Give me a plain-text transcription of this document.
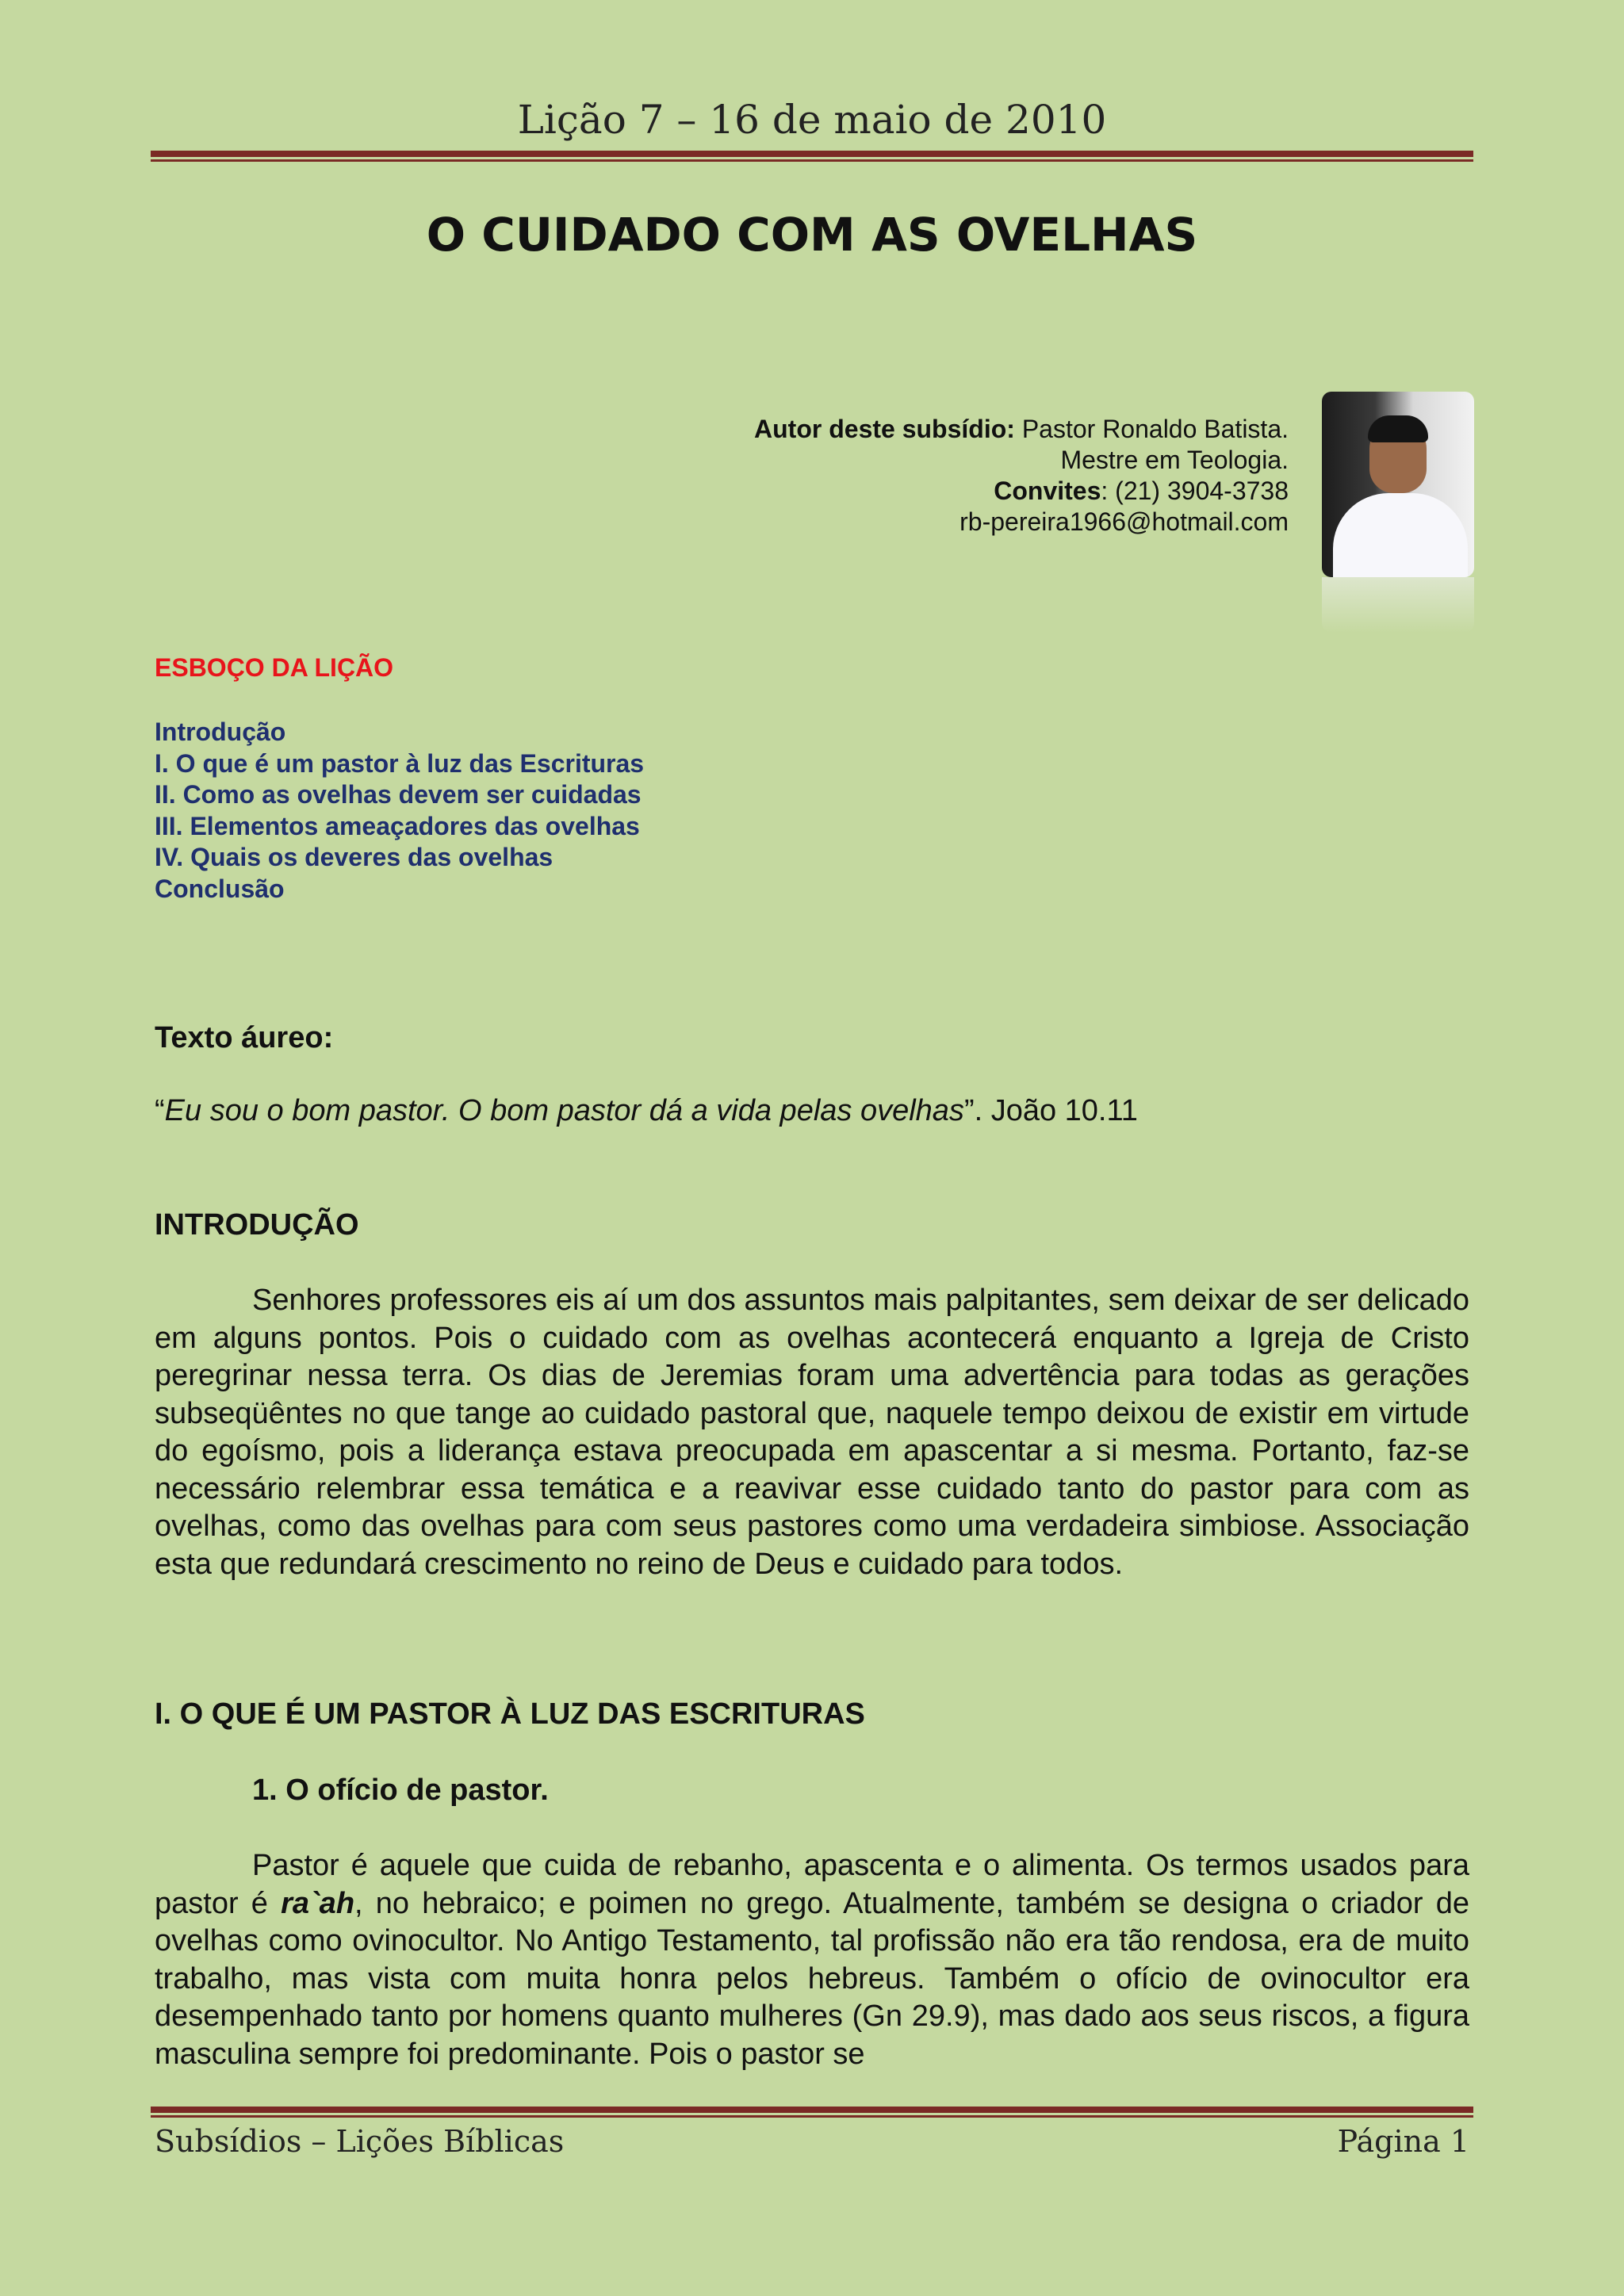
Lição 7 – 16 de maio de 2010
O CUIDADO COM AS OVELHAS
Autor deste subsídio: Pastor Ronaldo Batista.
Mestre em Teologia.
Convites: (21) 3904-3738
rb-pereira1966@hotmail.com
ESBOÇO DA LIÇÃO
Introdução
I. O que é um pastor à luz das Escrituras
II. Como as ovelhas devem ser cuidadas
III. Elementos ameaçadores das ovelhas
IV. Quais os deveres das ovelhas
Conclusão
Texto áureo:
“Eu sou o bom pastor. O bom pastor dá a vida pelas ovelhas”. João 10.11
INTRODUÇÃO

Senhores professores eis aí um dos assuntos mais palpitantes, sem deixar de ser delicado em alguns pontos. Pois o cuidado com as ovelhas acontecerá enquanto a Igreja de Cristo peregrinar nessa terra. Os dias de Jeremias foram uma advertência para todas as gerações subseqüêntes no que tange ao cuidado pastoral que, naquele tempo deixou de existir em virtude do egoísmo, pois a liderança estava preocupada em apascentar a si mesma. Portanto, faz-se necessário relembrar essa temática e a reavivar esse cuidado tanto do pastor para com as ovelhas, como das ovelhas para com seus pastores como uma verdadeira simbiose. Associação esta que redundará crescimento no reino de Deus e cuidado para todos.

I. O QUE É UM PASTOR À LUZ DAS ESCRITURAS
1. O ofício de pastor.

Pastor é aquele que cuida de rebanho, apascenta e o alimenta. Os termos usados para pastor é ra`ah, no hebraico; e poimen no grego. Atualmente, também se designa o criador de ovelhas como ovinocultor. No Antigo Testamento, tal profissão não era tão rendosa, era de muito trabalho, mas vista com muita honra pelos hebreus. Também o ofício de ovinocultor era desempenhado tanto por homens quanto mulheres (Gn 29.9), mas dado aos seus riscos, a figura masculina sempre foi predominante. Pois o pastor se

Subsídios – Lições Bíblicas	Página 1
